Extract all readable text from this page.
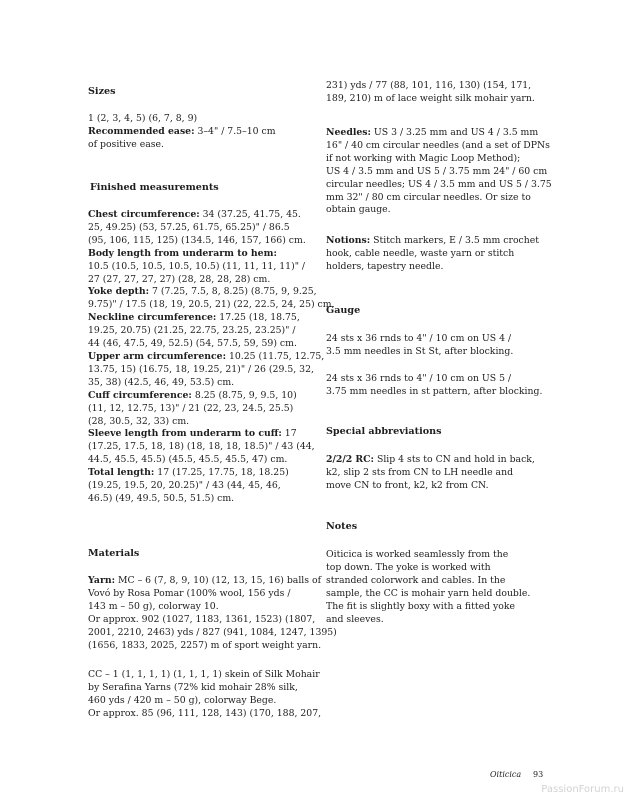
Sizes
1 (2, 3, 4, 5) (6, 7, 8, 9)
Recommended ease: 3–4" / 7.5–10 cm
of positive ease.
Finished measurements
Chest circumference: 34 (37.25, 41.75, 45.
25, 49.25) (53, 57.25, 61.75, 65.25)" / 86.5
(95, 106, 115, 125) (134.5, 146, 157, 166) cm.
Body length from underarm to hem:
10.5 (10.5, 10.5, 10.5, 10.5) (11, 11, 11, 11)" /
27 (27, 27, 27, 27) (28, 28, 28, 28) cm.
Yoke depth: 7 (7.25, 7.5, 8, 8.25) (8.75, 9, 9.25,
9.75)" / 17.5 (18, 19, 20.5, 21) (22, 22.5, 24, 25) cm.
Neckline circumference: 17.25 (18, 18.75,
19.25, 20.75) (21.25, 22.75, 23.25, 23.25)" /
44 (46, 47.5, 49, 52.5) (54, 57.5, 59, 59) cm.
Upper arm circumference: 10.25 (11.75, 12.75,
13.75, 15) (16.75, 18, 19.25, 21)" / 26 (29.5, 32,
35, 38) (42.5, 46, 49, 53.5) cm.
Cuff circumference: 8.25 (8.75, 9, 9.5, 10)
(11, 12, 12.75, 13)" / 21 (22, 23, 24.5, 25.5)
(28, 30.5, 32, 33) cm.
Sleeve length from underarm to cuff: 17
(17.25, 17.5, 18, 18) (18, 18, 18, 18.5)" / 43 (44,
44.5, 45.5, 45.5) (45.5, 45.5, 45.5, 47) cm.
Total length: 17 (17.25, 17.75, 18, 18.25)
(19.25, 19.5, 20, 20.25)" / 43 (44, 45, 46,
46.5) (49, 49.5, 50.5, 51.5) cm.
Materials
Yarn: MC – 6 (7, 8, 9, 10) (12, 13, 15, 16) balls of
Vovó by Rosa Pomar (100% wool, 156 yds /
143 m – 50 g), colorway 10.
Or approx. 902 (1027, 1183, 1361, 1523) (1807,
2001, 2210, 2463) yds / 827 (941, 1084, 1247, 1395)
(1656, 1833, 2025, 2257) m of sport weight yarn.
CC – 1 (1, 1, 1, 1) (1, 1, 1, 1) skein of Silk Mohair
by Serafina Yarns (72% kid mohair 28% silk,
460 yds / 420 m – 50 g), colorway Bege.
Or approx. 85 (96, 111, 128, 143) (170, 188, 207,
231) yds / 77 (88, 101, 116, 130) (154, 171,
189, 210) m of lace weight silk mohair yarn.
Needles: US 3 / 3.25 mm and US 4 / 3.5 mm
16" / 40 cm circular needles (and a set of DPNs
if not working with Magic Loop Method);
US 4 / 3.5 mm and US 5 / 3.75 mm 24" / 60 cm
circular needles; US 4 / 3.5 mm and US 5 / 3.75
mm 32" / 80 cm circular needles. Or size to
obtain gauge.
Notions: Stitch markers, E / 3.5 mm crochet
hook, cable needle, waste yarn or stitch
holders, tapestry needle.
Gauge
24 sts x 36 rnds to 4" / 10 cm on US 4 /
3.5 mm needles in St St, after blocking.
24 sts x 36 rnds to 4" / 10 cm on US 5 /
3.75 mm needles in st pattern, after blocking.
Special abbreviations
2/2/2 RC: Slip 4 sts to CN and hold in back,
k2, slip 2 sts from CN to LH needle and
move CN to front, k2, k2 from CN.
Notes
Oiticica is worked seamlessly from the
top down. The yoke is worked with
stranded colorwork and cables. In the
sample, the CC is mohair yarn held double.
The fit is slightly boxy with a fitted yoke
and sleeves.
Oiticica 93
PassionForum.ru
